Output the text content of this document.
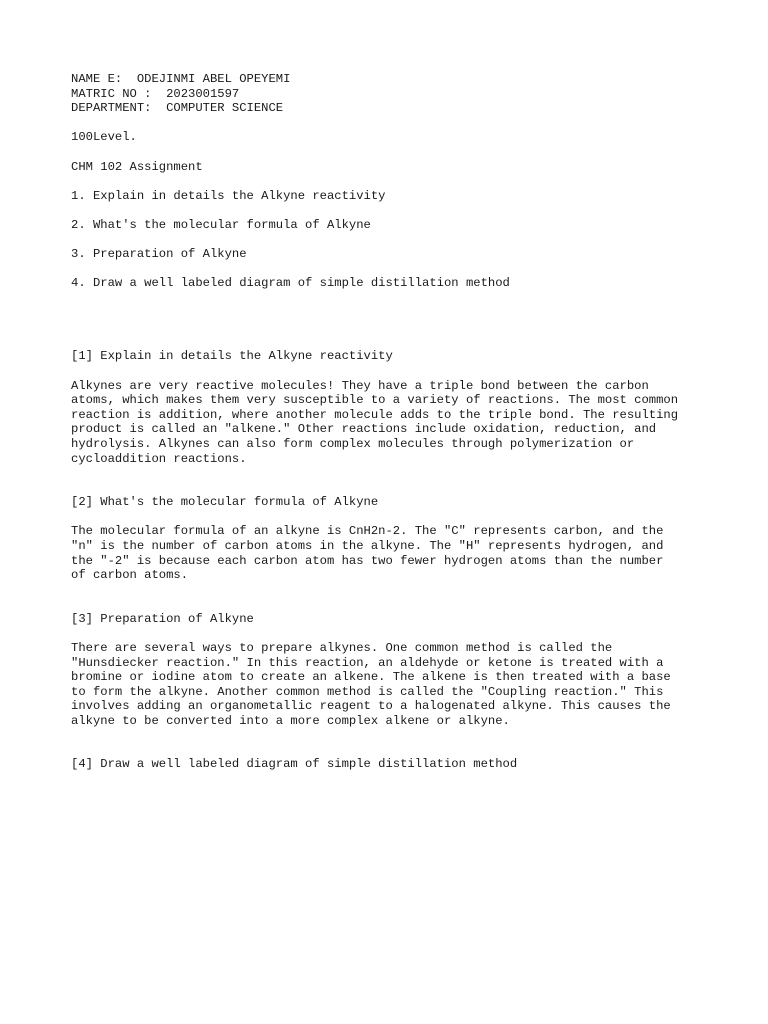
NAME E:  ODEJINMI ABEL OPEYEMI
MATRIC NO :  2023001597
DEPARTMENT:  COMPUTER SCIENCE
100Level.
CHM 102 Assignment
1. Explain in details the Alkyne reactivity
2. What's the molecular formula of Alkyne
3. Preparation of Alkyne
4. Draw a well labeled diagram of simple distillation method
[1] Explain in details the Alkyne reactivity
Alkynes are very reactive molecules! They have a triple bond between the carbon
atoms, which makes them very susceptible to a variety of reactions. The most common
reaction is addition, where another molecule adds to the triple bond. The resulting
product is called an "alkene." Other reactions include oxidation, reduction, and
hydrolysis. Alkynes can also form complex molecules through polymerization or
cycloaddition reactions.
[2] What's the molecular formula of Alkyne
The molecular formula of an alkyne is CnH2n-2. The "C" represents carbon, and the
"n" is the number of carbon atoms in the alkyne. The "H" represents hydrogen, and
the "-2" is because each carbon atom has two fewer hydrogen atoms than the number
of carbon atoms.
[3] Preparation of Alkyne
There are several ways to prepare alkynes. One common method is called the
"Hunsdiecker reaction." In this reaction, an aldehyde or ketone is treated with a
bromine or iodine atom to create an alkene. The alkene is then treated with a base
to form the alkyne. Another common method is called the "Coupling reaction." This
involves adding an organometallic reagent to a halogenated alkyne. This causes the
alkyne to be converted into a more complex alkene or alkyne.
[4] Draw a well labeled diagram of simple distillation method
